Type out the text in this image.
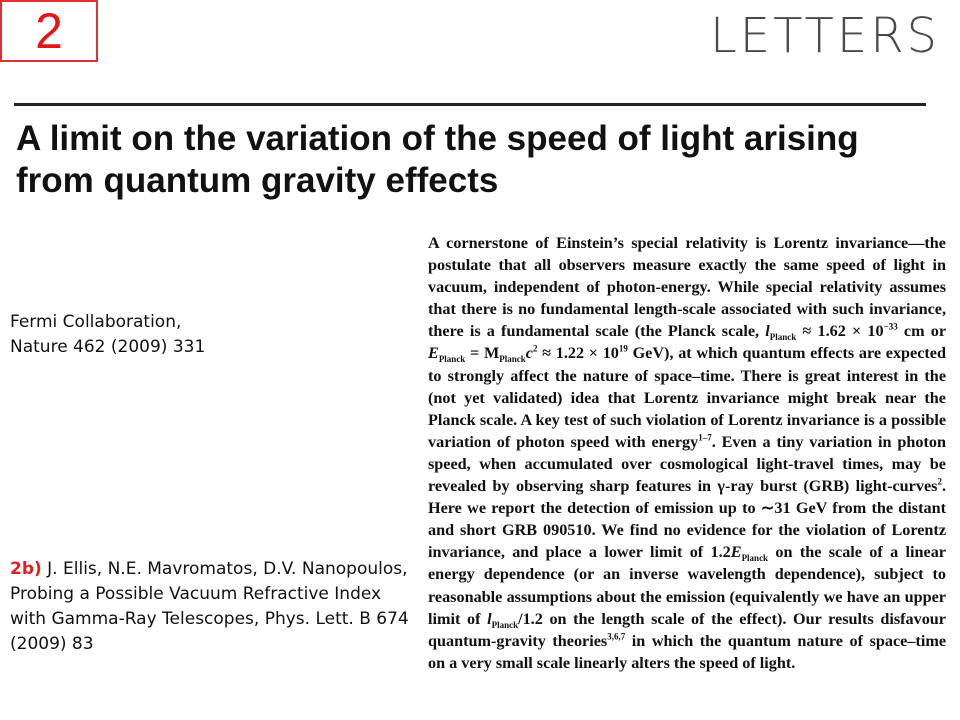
2	LETTERS
A limit on the variation of the speed of light arising from quantum gravity effects
Fermi Collaboration,
Nature 462 (2009) 331
2b) J. Ellis, N.E. Mavromatos, D.V. Nanopoulos, Probing a Possible Vacuum Refractive Index with Gamma-Ray Telescopes, Phys. Lett. B 674 (2009) 83
A cornerstone of Einstein’s special relativity is Lorentz invariance—the postulate that all observers measure exactly the same speed of light in vacuum, independent of photon-energy. While special relativity assumes that there is no fundamental length-scale associated with such invariance, there is a fundamental scale (the Planck scale, $l_{Planck} \approx 1.62 \times 10^{-33}$ cm or $E_{Planck} = M_{Planck}c^2 \approx 1.22 \times 10^{19}$ GeV), at which quantum effects are expected to strongly affect the nature of space–time. There is great interest in the (not yet validated) idea that Lorentz invariance might break near the Planck scale. A key test of such violation of Lorentz invariance is a possible variation of photon speed with energy$^{1-7}$. Even a tiny variation in photon speed, when accumulated over cosmological light-travel times, may be revealed by observing sharp features in γ-ray burst (GRB) light-curves$^2$. Here we report the detection of emission up to ∼31 GeV from the distant and short GRB 090510. We find no evidence for the violation of Lorentz invariance, and place a lower limit of $1.2E_{Planck}$ on the scale of a linear energy dependence (or an inverse wavelength dependence), subject to reasonable assumptions about the emission (equivalently we have an upper limit of $l_{Planck}/1.2$ on the length scale of the effect). Our results disfavour quantum-gravity theories$^{3,6,7}$ in which the quantum nature of space–time on a very small scale linearly alters the speed of light.
